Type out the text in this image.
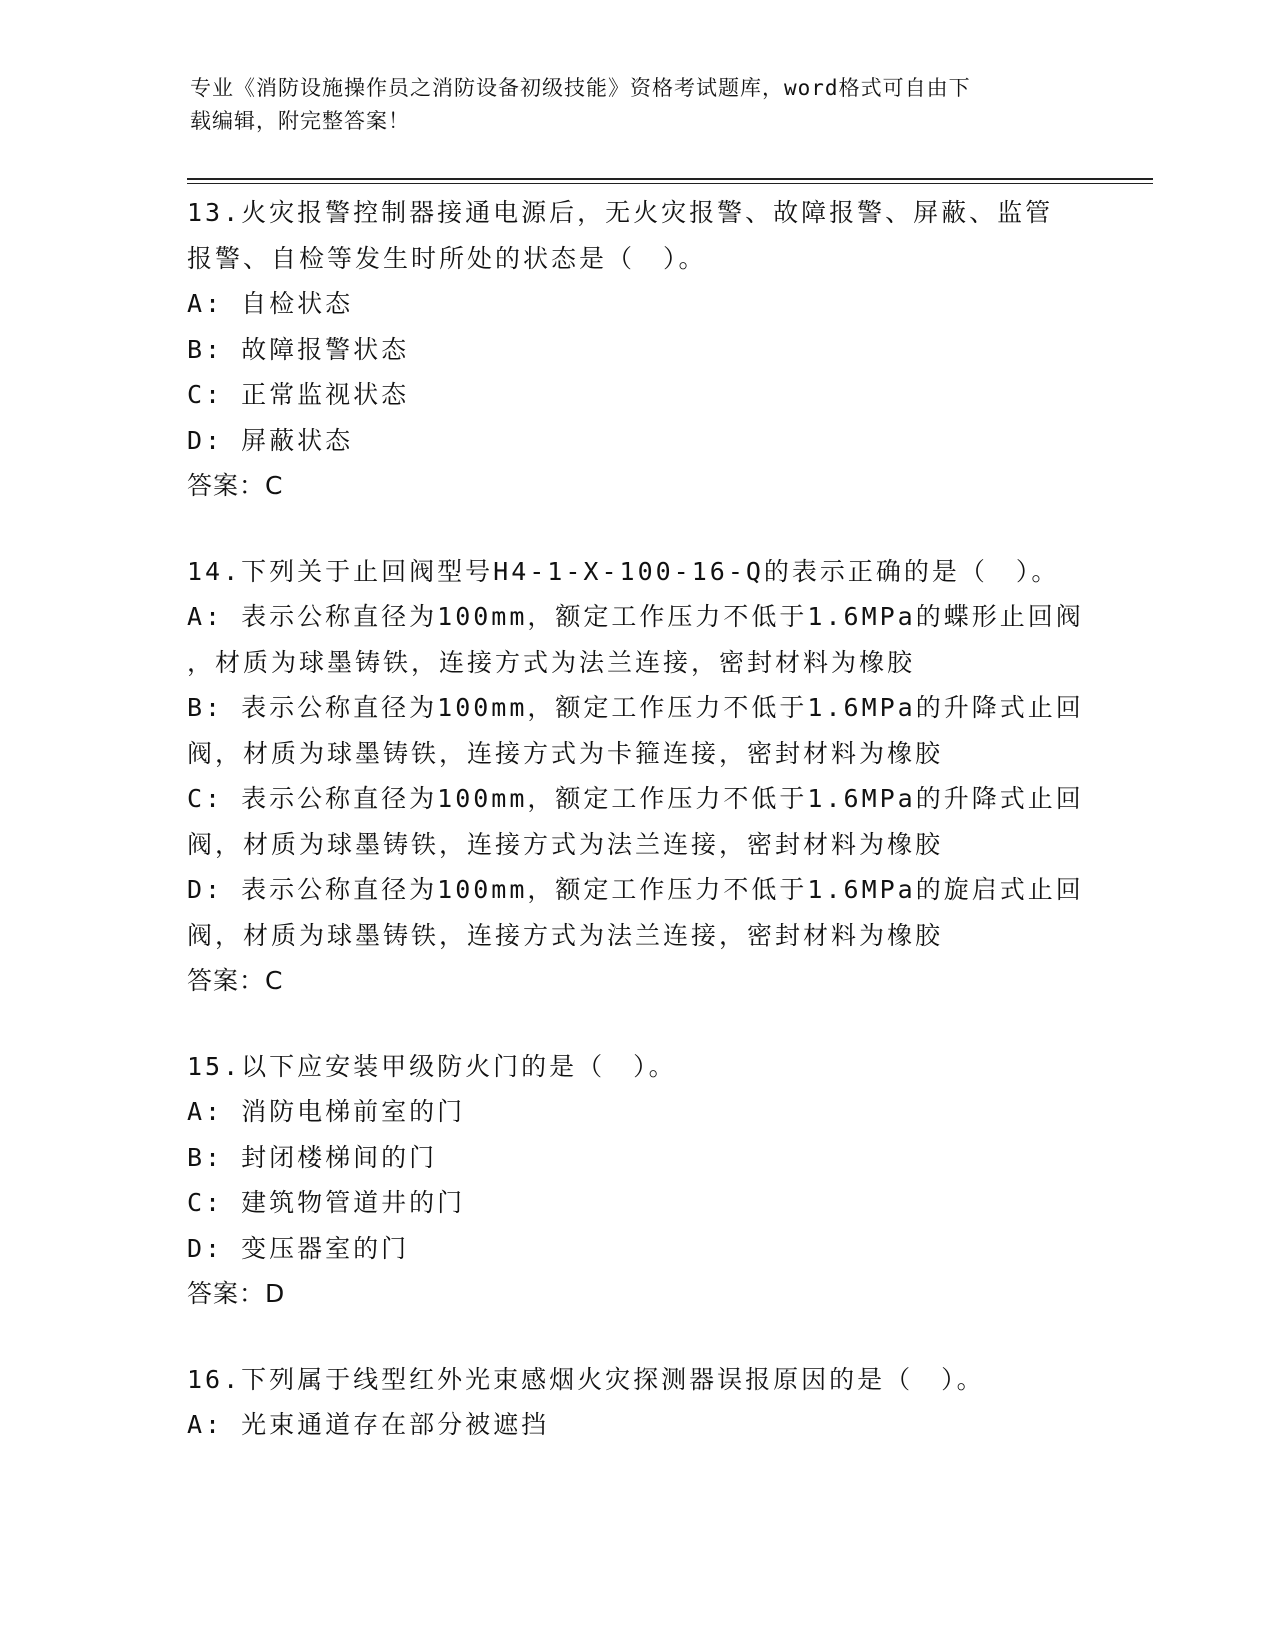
专业《消防设施操作员之消防设备初级技能》资格考试题库，word格式可自由下
载编辑，附完整答案！
13.火灾报警控制器接通电源后，无火灾报警、故障报警、屏蔽、监管
报警、自检等发生时所处的状态是（　）。
A: 自检状态
B: 故障报警状态
C: 正常监视状态
D: 屏蔽状态
答案：C
14.下列关于止回阀型号H4-1-X-100-16-Q的表示正确的是（　）。
A: 表示公称直径为100mm，额定工作压力不低于1.6MPa的蝶形止回阀
，材质为球墨铸铁，连接方式为法兰连接，密封材料为橡胶
B: 表示公称直径为100mm，额定工作压力不低于1.6MPa的升降式止回
阀，材质为球墨铸铁，连接方式为卡箍连接，密封材料为橡胶
C: 表示公称直径为100mm，额定工作压力不低于1.6MPa的升降式止回
阀，材质为球墨铸铁，连接方式为法兰连接，密封材料为橡胶
D: 表示公称直径为100mm，额定工作压力不低于1.6MPa的旋启式止回
阀，材质为球墨铸铁，连接方式为法兰连接，密封材料为橡胶
答案：C
15.以下应安装甲级防火门的是（　）。
A: 消防电梯前室的门
B: 封闭楼梯间的门
C: 建筑物管道井的门
D: 变压器室的门
答案：D
16.下列属于线型红外光束感烟火灾探测器误报原因的是（　）。
A: 光束通道存在部分被遮挡
